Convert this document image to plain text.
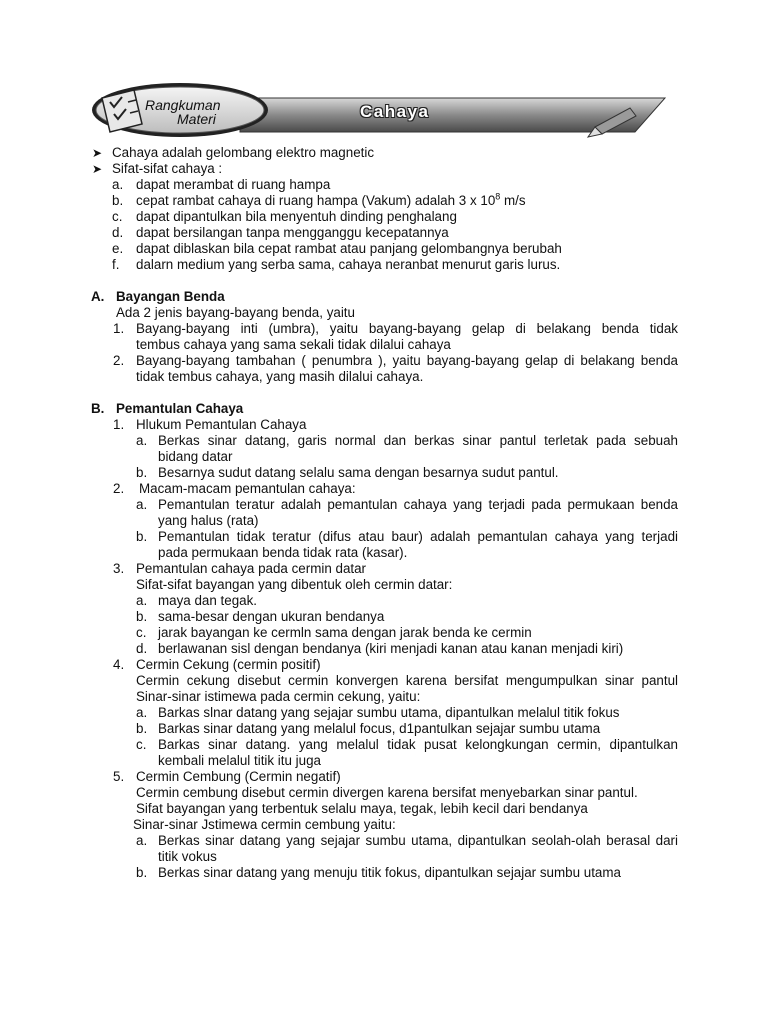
Rangkuman
Materi	Cahaya
➤ Cahaya adalah gelombang elektro magnetic
➤ Sifat-sifat cahaya :
a. dapat merambat di ruang hampa
b. cepat rambat cahaya di ruang hampa (Vakum) adalah 3 x $10^8$ m/s
c. dapat dipantulkan bila menyentuh dinding penghalang
d. dapat bersilangan tanpa mengganggu kecepatannya
e. dapat diblaskan bila cepat rambat atau panjang gelombangnya berubah
f. dalarn medium yang serba sama, cahaya neranbat menurut garis lurus.
A. Bayangan Benda
Ada 2 jenis bayang-bayang benda, yaitu
1. Bayang-bayang inti (umbra), yaitu bayang-bayang gelap di belakang benda tidak
tembus cahaya yang sama sekali tidak dilalui cahaya
2. Bayang-bayang tambahan ( penumbra ), yaitu bayang-bayang gelap di belakang benda
tidak tembus cahaya, yang masih dilalui cahaya.
B. Pemantulan Cahaya
1. Hlukum Pemantulan Cahaya
a. Berkas sinar datang, garis normal dan berkas sinar pantul terletak pada sebuah
bidang datar
b. Besarnya sudut datang selalu sama dengan besarnya sudut pantul.
2. Macam-macam pemantulan cahaya:
a. Pemantulan teratur adalah pemantulan cahaya yang terjadi pada permukaan benda
yang halus (rata)
b. Pemantulan tidak teratur (difus atau baur) adalah pemantulan cahaya yang terjadi
pada permukaan benda tidak rata (kasar).
3. Pemantulan cahaya pada cermin datar
Sifat-sifat bayangan yang dibentuk oleh cermin datar:
a. maya dan tegak.
b. sama-besar dengan ukuran bendanya
c. jarak bayangan ke cermln sama dengan jarak benda ke cermin
d. berlawanan sisl dengan bendanya (kiri menjadi kanan atau kanan menjadi kiri)
4. Cermin Cekung (cermin positif)
Cermin cekung disebut cermin konvergen karena bersifat mengumpulkan sinar pantul
Sinar-sinar istimewa pada cermin cekung, yaitu:
a. Barkas slnar datang yang sejajar sumbu utama, dipantulkan melalul titik fokus
b. Barkas sinar datang yang melalul focus, d1pantulkan sejajar sumbu utama
c. Barkas sinar datang. yang melalul tidak pusat kelongkungan cermin, dipantulkan
kembali melalul titik itu juga
5. Cermin Cembung (Cermin negatif)
Cermin cembung disebut cermin divergen karena bersifat menyebarkan sinar pantul.
Sifat bayangan yang terbentuk selalu maya, tegak, lebih kecil dari bendanya
Sinar-sinar Jstimewa cermin cembung yaitu:
a. Berkas sinar datang yang sejajar sumbu utama, dipantulkan seolah-olah berasal dari
titik vokus
b. Berkas sinar datang yang menuju titik fokus, dipantulkan sejajar sumbu utama
